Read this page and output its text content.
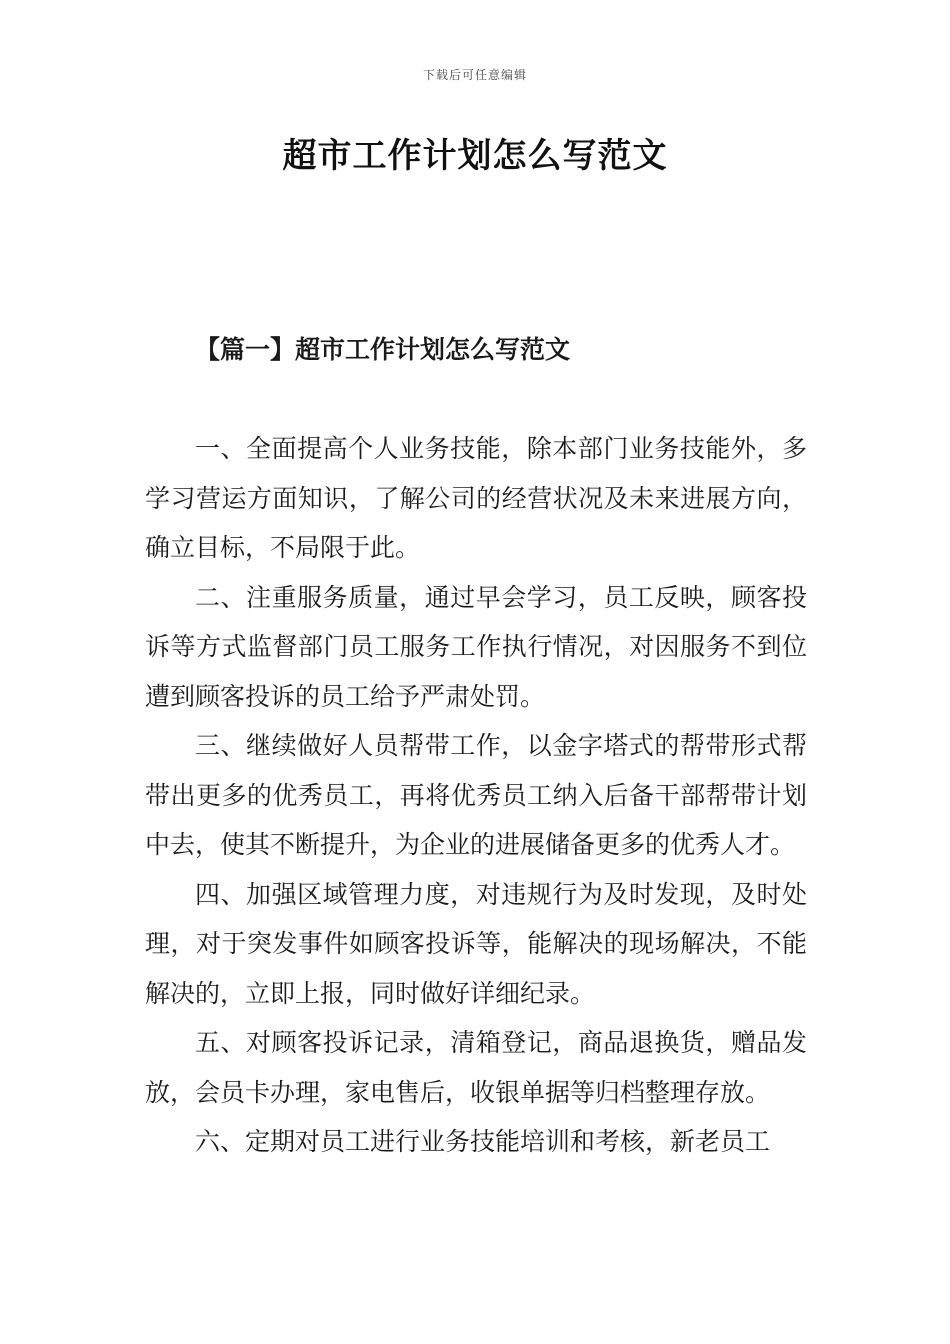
下载后可任意编辑
超市工作计划怎么写范文
【篇一】超市工作计划怎么写范文

一、全面提高个人业务技能，除本部门业务技能外，多学习营运方面知识，了解公司的经营状况及未来进展方向，确立目标，不局限于此。

二、注重服务质量，通过早会学习，员工反映，顾客投诉等方式监督部门员工服务工作执行情况，对因服务不到位遭到顾客投诉的员工给予严肃处罚。

三、继续做好人员帮带工作，以金字塔式的帮带形式帮带出更多的优秀员工，再将优秀员工纳入后备干部帮带计划中去，使其不断提升，为企业的进展储备更多的优秀人才。

四、加强区域管理力度，对违规行为及时发现，及时处理，对于突发事件如顾客投诉等，能解决的现场解决，不能解决的，立即上报，同时做好详细纪录。

五、对顾客投诉记录，清箱登记，商品退换货，赠品发放，会员卡办理，家电售后，收银单据等归档整理存放。

六、定期对员工进行业务技能培训和考核，新老员工
